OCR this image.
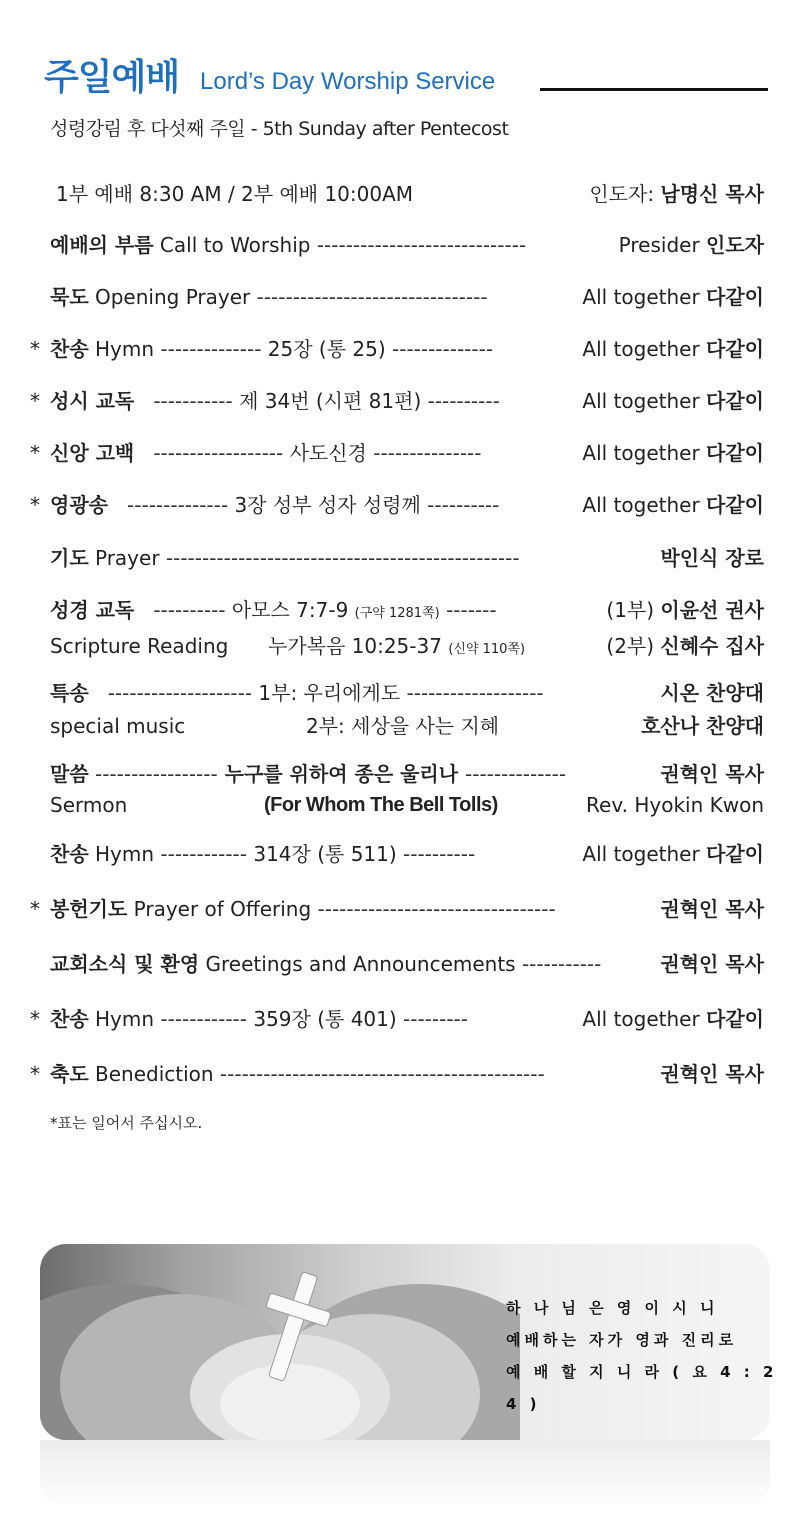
주일예배 Lord’s Day Worship Service
성령강림 후 다섯째 주일 - 5th Sunday after Pentecost
1부 예배 8:30 AM / 2부 예배 10:00AM	인도자: 남명신 목사
예배의 부름 Call to Worship -----------------------------	Presider 인도자
묵도 Opening Prayer --------------------------------	All together 다같이
* 찬송 Hymn -------------- 25장 (통 25) --------------	All together 다같이
* 성시 교독 ----------- 제 34번 (시편 81편) ----------	All together 다같이
* 신앙 고백 ------------------ 사도신경 ---------------	All together 다같이
* 영광송 -------------- 3장 성부 성자 성령께 ----------	All together 다같이
기도 Prayer -------------------------------------------------	박인식 장로
성경 교독 ---------- 아모스 7:7-9 (구약 1281쪽) -------	(1부) 이윤선 권사
Scripture Reading 누가복음 10:25-37 (신약 110쪽)	(2부) 신혜수 집사
특송 -------------------- 1부: 우리에게도 -------------------	시온 찬양대
special music	2부: 세상을 사는 지혜	호산나 찬양대
말씀 ----------------- 누구를 위하여 종은 울리나 --------------	권혁인 목사
Sermon	(For Whom The Bell Tolls)	Rev. Hyokin Kwon
찬송 Hymn ------------ 314장 (통 511) ----------	All together 다같이
* 봉헌기도 Prayer of Offering ---------------------------------	권혁인 목사
교회소식 및 환영 Greetings and Announcements -----------	권혁인 목사
* 찬송 Hymn ------------ 359장 (통 401) ---------	All together 다같이
* 축도 Benediction ---------------------------------------------	권혁인 목사
*표는 일어서 주십시오.
하 나 님 은 영 이 시 니
예배하는 자가 영과 진리로
예 배 할 지 니 라 ( 요 4 : 2 4 )
